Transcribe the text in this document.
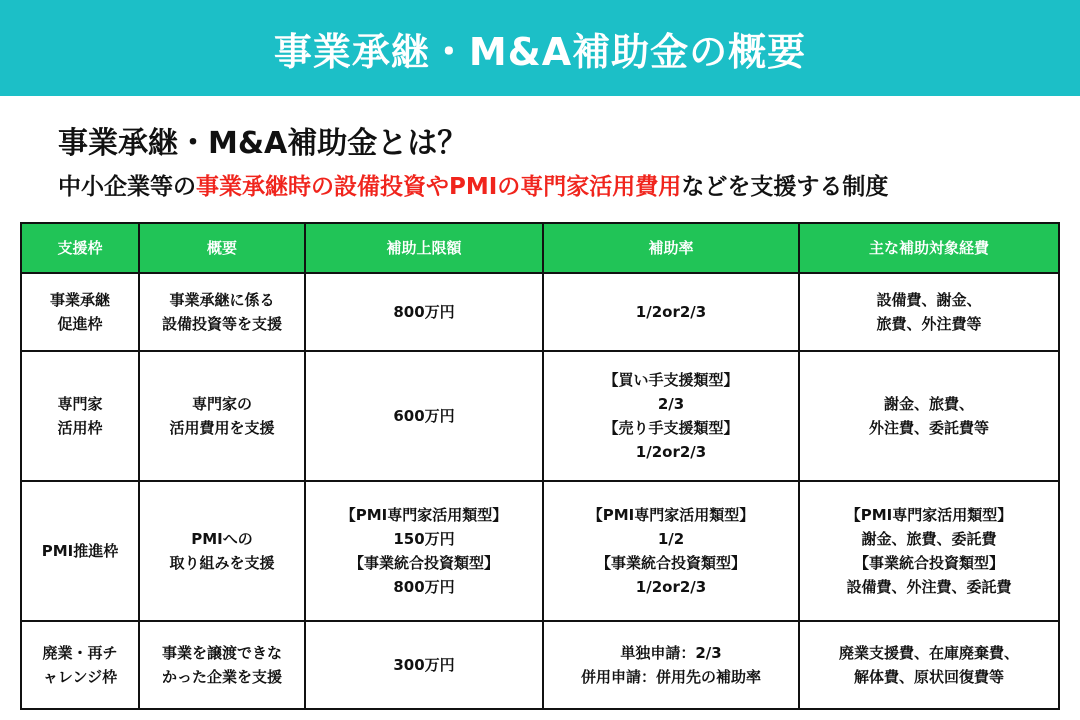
事業承継・M&A補助金の概要
事業承継・M&A補助金とは？
中小企業等の事業承継時の設備投資やPMIの専門家活用費用などを支援する制度
支援枠	概要	補助上限額	補助率	主な補助対象経費

事業承継
促進枠	事業承継に係る
設備投資等を支援	800万円	1/2or2/3	設備費、謝金、
旅費、外注費等

専門家
活用枠	専門家の
活用費用を支援	600万円	【買い手支援類型】
2/3
【売り手支援類型】
1/2or2/3	謝金、旅費、
外注費、委託費等

PMI推進枠	PMIへの
取り組みを支援	【PMI専門家活用類型】
150万円
【事業統合投資類型】
800万円	【PMI専門家活用類型】
1/2
【事業統合投資類型】
1/2or2/3	【PMI専門家活用類型】
謝金、旅費、委託費
【事業統合投資類型】
設備費、外注費、委託費

廃業・再チ
ャレンジ枠	事業を譲渡できな
かった企業を支援	300万円	単独申請：2/3
併用申請：併用先の補助率	廃業支援費、在庫廃棄費、
解体費、原状回復費等
